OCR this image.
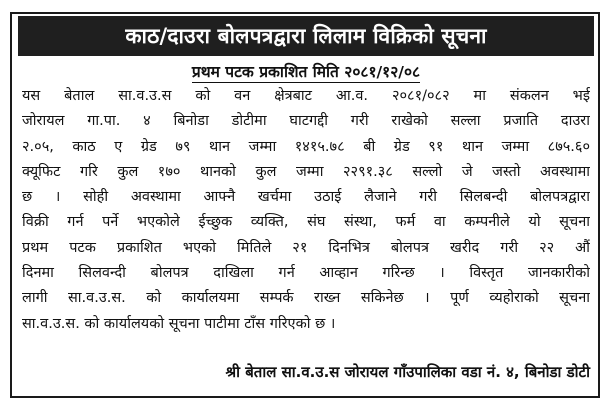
काठ/दाउरा बोलपत्रद्वारा लिलाम विक्रिको सूचना
प्रथम पटक प्रकाशित मिति २०८१/१२/०८
यस बेताल सा.व.उ.स को वन क्षेत्रबाट आ.व. २०८१/०८२ मा संकलन भई
जोरायल गा.पा. ४ बिनोडा डोटीमा घाटगद्दी गरी राखेको सल्ला प्रजाति दाउरा
२.०५, काठ ए ग्रेड ७९ थान जम्मा १४१५.७८ बी ग्रेड ९१ थान जम्मा ८७५.६०
क्यूफिट गरि कुल १७० थानको कुल जम्मा २२९१.३८ सल्लो जे जस्तो अवस्थामा
छ । सोही अवस्थामा आफ्नै खर्चमा उठाई लैजाने गरी सिलबन्दी बोलपत्रद्वारा
विक्री गर्न पर्ने भएकोले ईच्छुक व्यक्ति, संघ संस्था, फर्म वा कम्पनीले यो सूचना
प्रथम पटक प्रकाशित भएको मितिले २१ दिनभित्र बोलपत्र खरीद गरी २२ औं
दिनमा सिलवन्दी बोलपत्र दाखिला गर्न आव्हान गरिन्छ । विस्तृत जानकारीको
लागी सा.व.उ.स. को कार्यालयमा सम्पर्क राख्न सकिनेछ । पूर्ण व्यहोराको सूचना
सा.व.उ.स. को कार्यालयको सूचना पाटीमा टाँस गरिएको छ ।
श्री बेताल सा.व.उ.स जोरायल गाँउपालिका वडा नं. ४, बिनोडा डोटी
